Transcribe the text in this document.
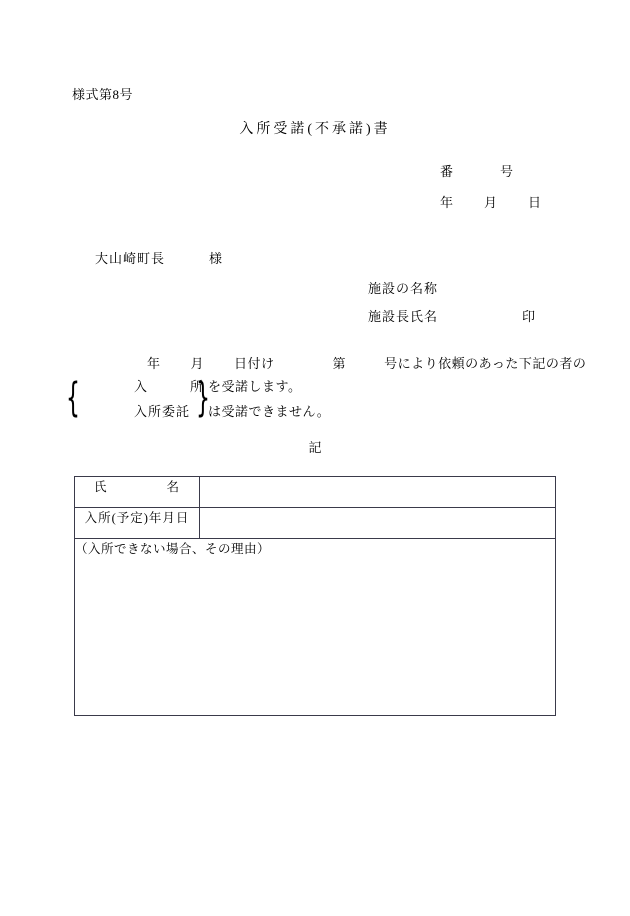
様式第8号
入所受諾(不承諾)書
番	号
年 月 日
大山崎町長	様
施設の名称
施設長氏名	印
年 月 日付け	第	号により依頼のあった下記の者の
{	}
入　　　所
入所委託
を受諾します。
は受諾できません。
記
氏　　　名	
入所(予定)年月日	
（入所できない場合、その理由）	
